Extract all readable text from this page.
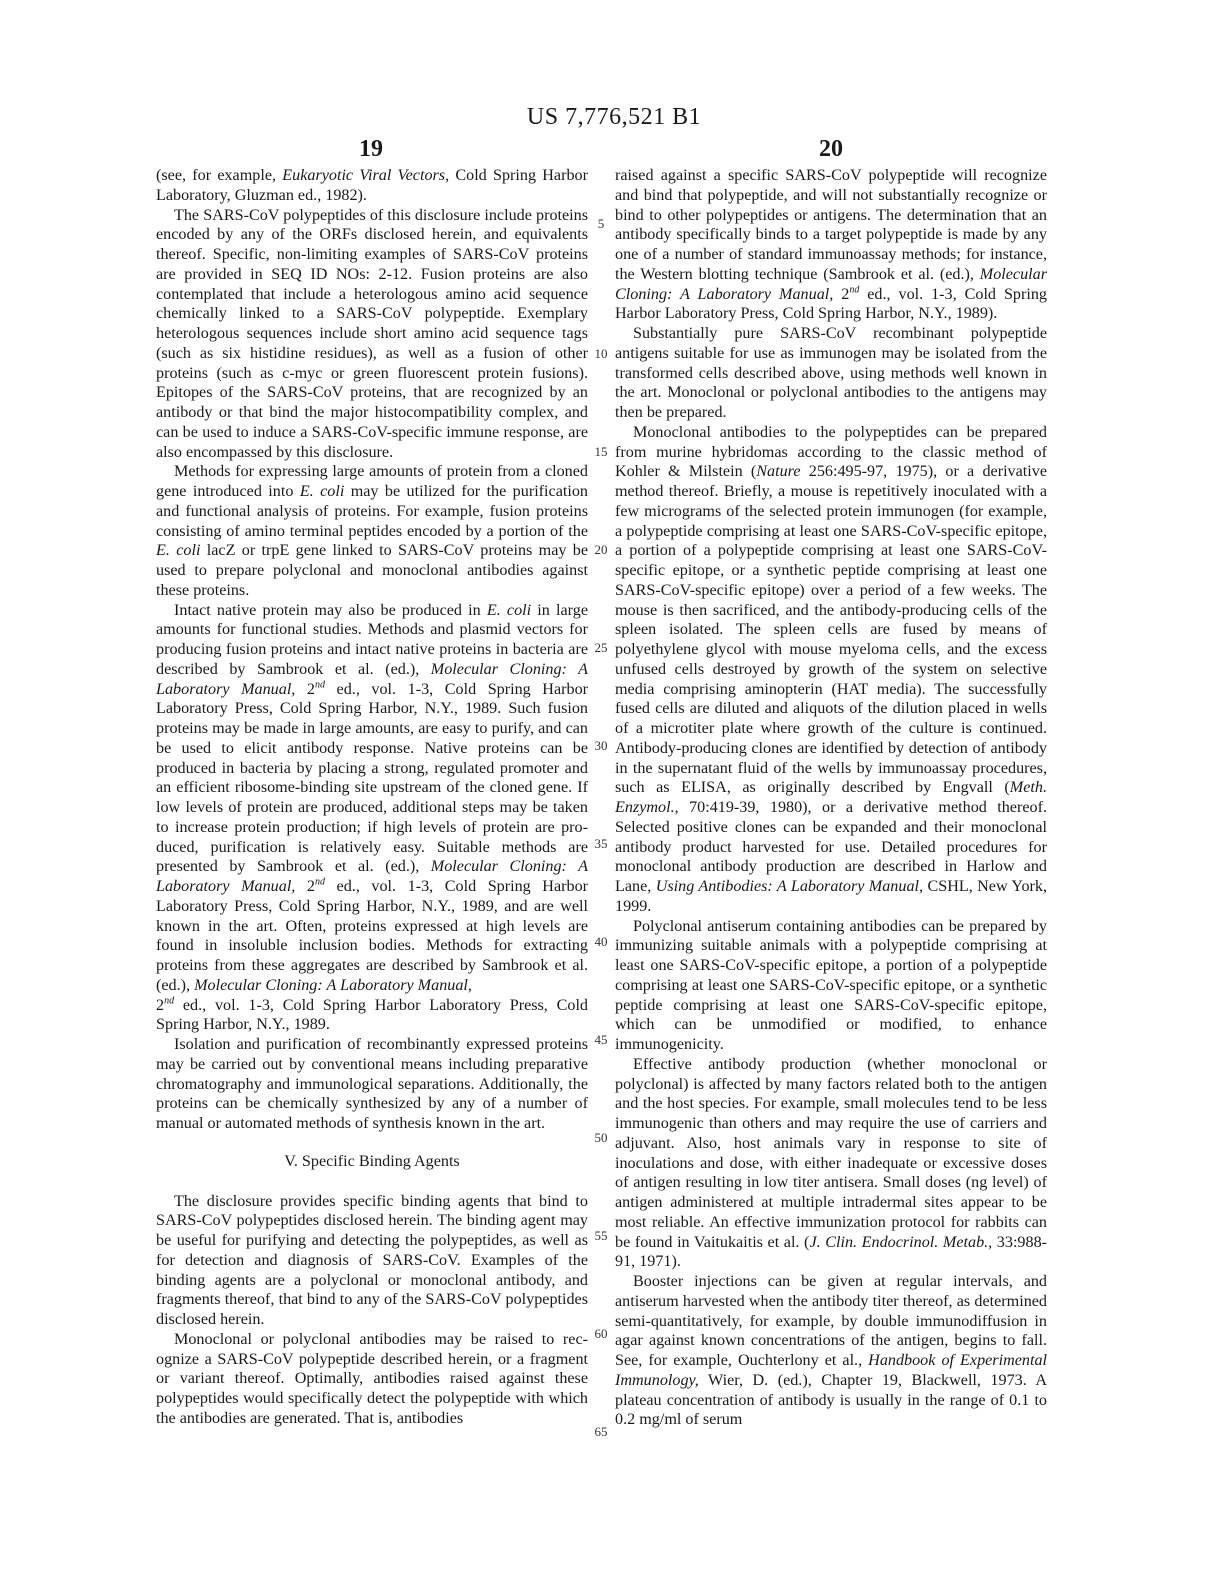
US 7,776,521 B1
19	20
5
10
15
20
25
30
35
40
45
50
55
60
65

(see, for example, Eukaryotic Viral Vectors, Cold Spring Harbor Laboratory, Gluzman ed., 1982).

The SARS-CoV polypeptides of this disclosure include proteins encoded by any of the ORFs disclosed herein, and equivalents thereof. Specific, non-limiting examples of SARS-CoV proteins are provided in SEQ ID NOs: 2-12. Fusion proteins are also contemplated that include a heterologous amino acid sequence chemically linked to a SARS-CoV polypeptide. Exemplary heterologous sequences include short amino acid sequence tags (such as six histidine residues), as well as a fusion of other proteins (such as c-myc or green fluorescent protein fusions). Epitopes of the SARS-CoV proteins, that are recognized by an antibody or that bind the major histocompatibility complex, and can be used to induce a SARS-CoV-specific immune response, are also encompassed by this disclosure.

Methods for expressing large amounts of protein from a cloned gene introduced into E. coli may be utilized for the purification and functional analysis of proteins. For example, fusion proteins consisting of amino terminal peptides encoded by a portion of the E. coli lacZ or trpE gene linked to SARS-CoV proteins may be used to prepare polyclonal and monoclonal antibodies against these proteins.

Intact native protein may also be produced in E. coli in large amounts for functional studies. Methods and plasmid vectors for producing fusion proteins and intact native proteins in bacteria are described by Sambrook et al. (ed.), Molecular Cloning: A Laboratory Manual, 2nd ed., vol. 1-3, Cold Spring Harbor Laboratory Press, Cold Spring Harbor, N.Y., 1989. Such fusion proteins may be made in large amounts, are easy to purify, and can be used to elicit antibody response. Native proteins can be produced in bacteria by placing a strong, regulated promoter and an efficient ribosome-binding site upstream of the cloned gene. If low levels of protein are produced, additional steps may be taken to increase protein production; if high levels of protein are produced, purification is relatively easy. Suitable methods are presented by Sambrook et al. (ed.), Molecular Cloning: A Laboratory Manual, 2nd ed., vol. 1-3, Cold Spring Harbor Laboratory Press, Cold Spring Harbor, N.Y., 1989, and are well known in the art. Often, proteins expressed at high levels are found in insoluble inclusion bodies. Methods for extracting proteins from these aggregates are described by Sambrook et al. (ed.), Molecular Cloning: A Laboratory Manual,
2nd ed., vol. 1-3, Cold Spring Harbor Laboratory Press, Cold Spring Harbor, N.Y., 1989.

Isolation and purification of recombinantly expressed proteins may be carried out by conventional means including preparative chromatography and immunological separations. Additionally, the proteins can be chemically synthesized by any of a number of manual or automated methods of synthesis known in the art.

V. Specific Binding Agents

The disclosure provides specific binding agents that bind to SARS-CoV polypeptides disclosed herein. The binding agent may be useful for purifying and detecting the polypeptides, as well as for detection and diagnosis of SARS-CoV. Examples of the binding agents are a polyclonal or monoclonal antibody, and fragments thereof, that bind to any of the SARS-CoV polypeptides disclosed herein.

Monoclonal or polyclonal antibodies may be raised to recognize a SARS-CoV polypeptide described herein, or a fragment or variant thereof. Optimally, antibodies raised against these polypeptides would specifically detect the polypeptide with which the antibodies are generated. That is, antibodies

raised against a specific SARS-CoV polypeptide will recognize and bind that polypeptide, and will not substantially recognize or bind to other polypeptides or antigens. The determination that an antibody specifically binds to a target polypeptide is made by any one of a number of standard immunoassay methods; for instance, the Western blotting technique (Sambrook et al. (ed.), Molecular Cloning: A Laboratory Manual, 2nd ed., vol. 1-3, Cold Spring Harbor Laboratory Press, Cold Spring Harbor, N.Y., 1989).

Substantially pure SARS-CoV recombinant polypeptide antigens suitable for use as immunogen may be isolated from the transformed cells described above, using methods well known in the art. Monoclonal or polyclonal antibodies to the antigens may then be prepared.

Monoclonal antibodies to the polypeptides can be prepared from murine hybridomas according to the classic method of Kohler & Milstein (Nature 256:495-97, 1975), or a derivative method thereof. Briefly, a mouse is repetitively inoculated with a few micrograms of the selected protein immunogen (for example, a polypeptide comprising at least one SARS-CoV-specific epitope, a portion of a polypeptide comprising at least one SARS-CoV-specific epitope, or a synthetic peptide comprising at least one SARS-CoV-specific epitope) over a period of a few weeks. The mouse is then sacrificed, and the antibody-producing cells of the spleen isolated. The spleen cells are fused by means of polyethylene glycol with mouse myeloma cells, and the excess unfused cells destroyed by growth of the system on selective media comprising aminopterin (HAT media). The successfully fused cells are diluted and aliquots of the dilution placed in wells of a microtiter plate where growth of the culture is continued. Antibody-producing clones are identified by detection of antibody in the supernatant fluid of the wells by immunoassay procedures, such as ELISA, as originally described by Engvall (Meth. Enzymol., 70:419-39, 1980), or a derivative method thereof. Selected positive clones can be expanded and their monoclonal antibody product harvested for use. Detailed procedures for monoclonal antibody production are described in Harlow and Lane, Using Antibodies: A Laboratory Manual, CSHL, New York, 1999.

Polyclonal antiserum containing antibodies can be prepared by immunizing suitable animals with a polypeptide comprising at least one SARS-CoV-specific epitope, a portion of a polypeptide comprising at least one SARS-CoV-specific epitope, or a synthetic peptide comprising at least one SARS-CoV-specific epitope, which can be unmodified or modified, to enhance immunogenicity.

Effective antibody production (whether monoclonal or polyclonal) is affected by many factors related both to the antigen and the host species. For example, small molecules tend to be less immunogenic than others and may require the use of carriers and adjuvant. Also, host animals vary in response to site of inoculations and dose, with either inadequate or excessive doses of antigen resulting in low titer antisera. Small doses (ng level) of antigen administered at multiple intradermal sites appear to be most reliable. An effective immunization protocol for rabbits can be found in Vaitukaitis et al. (J. Clin. Endocrinol. Metab., 33:988-91, 1971).

Booster injections can be given at regular intervals, and antiserum harvested when the antibody titer thereof, as determined semi-quantitatively, for example, by double immunodiffusion in agar against known concentrations of the antigen, begins to fall. See, for example, Ouchterlony et al., Handbook of Experimental Immunology, Wier, D. (ed.), Chapter 19, Blackwell, 1973. A plateau concentration of antibody is usually in the range of 0.1 to 0.2 mg/ml of serum
